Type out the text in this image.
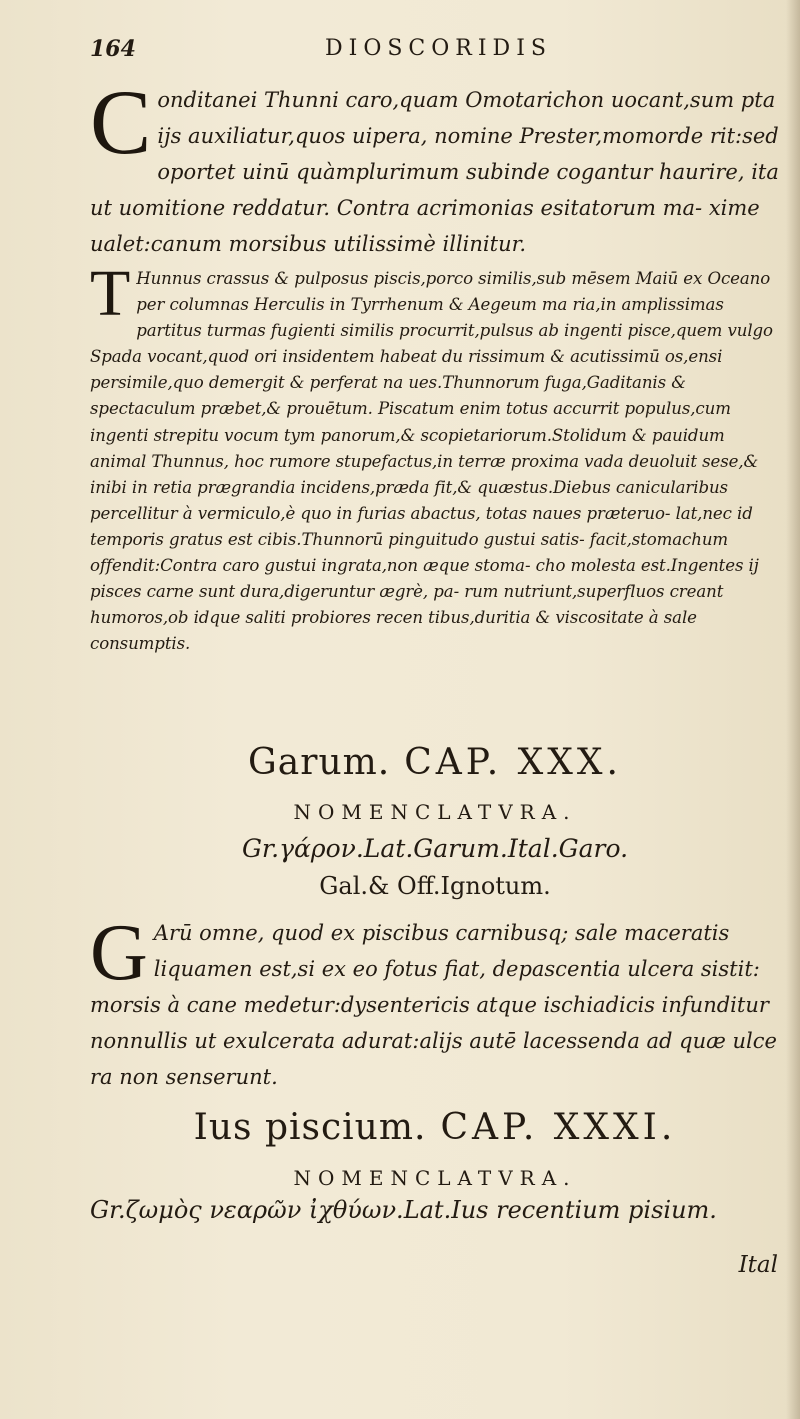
164	DIOSCORIDIS
C onditanei Thunni caro,quam Omotarichon uocant,sum pta ijs auxiliatur,quos uipera, nomine Prester,momorde rit:sed oportet uinū quàmplurimum subinde cogantur haurire, ita ut uomitione reddatur. Contra acrimonias esitatorum ma- xime ualet:canum morsibus utilissimè illinitur.
T Hunnus crassus & pulposus piscis,porco similis,sub mēsem Maiū ex Oceano per columnas Herculis in Tyrrhenum & Aegeum ma ria,in amplissimas partitus turmas fugienti similis procurrit,pulsus ab ingenti pisce,quem vulgo Spada vocant,quod ori insidentem habeat du rissimum & acutissimū os,ensi persimile,quo demergit & perferat na ues.Thunnorum fuga,Gaditanis & spectaculum præbet,& prouētum. Piscatum enim totus accurrit populus,cum ingenti strepitu vocum tym panorum,& scopietariorum.Stolidum & pauidum animal Thunnus, hoc rumore stupefactus,in terræ proxima vada deuoluit sese,& inibi in retia prægrandia incidens,præda fit,& quæstus.Diebus canicularibus percellitur à vermiculo,è quo in furias abactus, totas naues præteruo- lat,nec id temporis gratus est cibis.Thunnorū pinguitudo gustui satis- facit,stomachum offendit:Contra caro gustui ingrata,non æque stoma- cho molesta est.Ingentes ij pisces carne sunt dura,digeruntur ægrè, pa- rum nutriunt,superfluos creant humoros,ob idque saliti probiores recen tibus,duritia & viscositate à sale consumptis.
Garum. CAP. XXX.
NOMENCLATVRA.
Gr.γάρον.Lat.Garum.Ital.Garo.
Gal.& Off.Ignotum.
G Arū omne, quod ex piscibus carnibusq; sale maceratis liquamen est,si ex eo fotus fiat, depascentia ulcera sistit: morsis à cane medetur:dysentericis atque ischiadicis infunditur nonnullis ut exulcerata adurat:alijs autē lacessenda ad quæ ulce ra non senserunt.
Ius piscium. CAP. XXXI.
NOMENCLATVRA.
Gr.ζωμὸς νεαρῶν ἰχθύων.Lat.Ius recentium pisium.
Ital
